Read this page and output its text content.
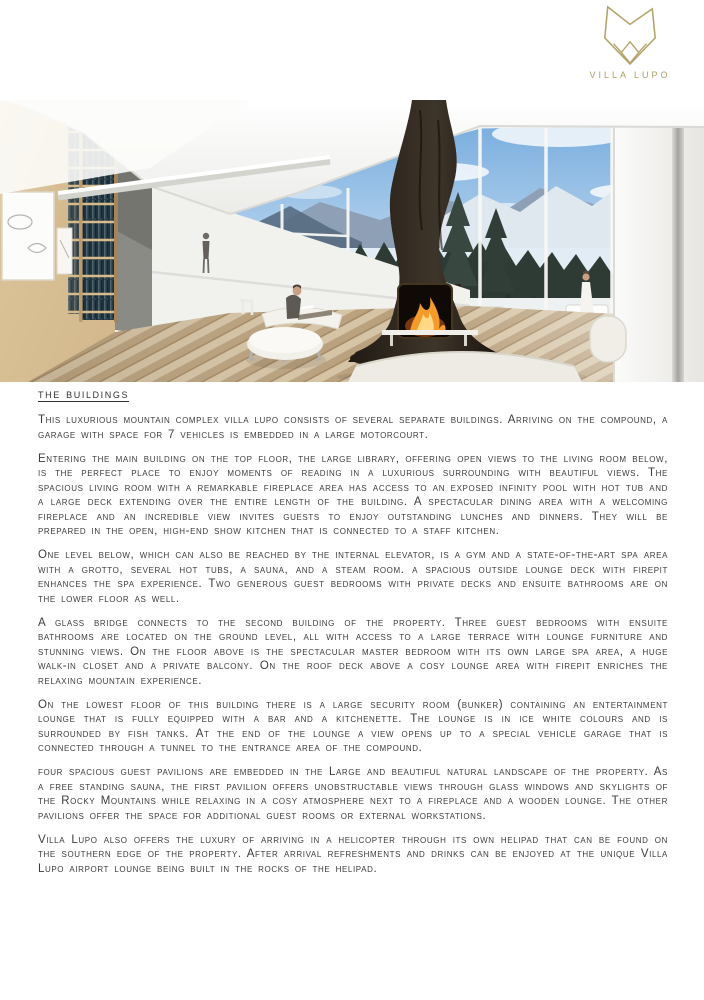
VILLA LUPO
the buildings

This luxurious mountain complex villa lupo consists of several separate buildings. Arriving on the compound, a garage with space for 7 vehicles is embedded in a large motorcourt.

Entering the main building on the top floor, the large library, offering open views to the living room below, is the perfect place to enjoy moments of reading in a luxurious surrounding with beautiful views. The spacious living room with a remarkable fireplace area has access to an exposed infinity pool with hot tub and a large deck extending over the entire length of the building. A spectacular dining area with a welcoming fireplace and an incredible view invites guests to enjoy outstanding lunches and dinners. They will be prepared in the open, high-end show kitchen that is connected to a staff kitchen.

One level below, which can also be reached by the internal elevator, is a gym and a state-of-the-art spa area with a grotto, several hot tubs, a sauna, and a steam room. a spacious outside lounge deck with firepit enhances the spa experience. Two generous guest bedrooms with private decks and ensuite bathrooms are on the lower floor as well.

A glass bridge connects to the second building of the property. Three guest bedrooms with ensuite bathrooms are located on the ground level, all with access to a large terrace with lounge furniture and stunning views. On the floor above is the spectacular master bedroom with its own large spa area, a huge walk-in closet and a private balcony. On the roof deck above a cosy lounge area with firepit enriches the relaxing mountain experience.

On the lowest floor of this building there is a large security room (bunker) containing an entertainment lounge that is fully equipped with a bar and a kitchenette. The lounge is in ice white colours and is surrounded by fish tanks. At the end of the lounge a view opens up to a special vehicle garage that is connected through a tunnel to the entrance area of the compound.

four spacious guest pavilions are embedded in the Large and beautiful natural landscape of the property. As a free standing sauna, the first pavilion offers unobstructable views through glass windows and skylights of the Rocky Mountains while relaxing in a cosy atmosphere next to a fireplace and a wooden lounge. The other pavilions offer the space for additional guest rooms or external workstations.

Villa Lupo also offers the luxury of arriving in a helicopter through its own helipad that can be found on the southern edge of the property. After arrival refreshments and drinks can be enjoyed at the unique Villa Lupo airport lounge being built in the rocks of the helipad.
